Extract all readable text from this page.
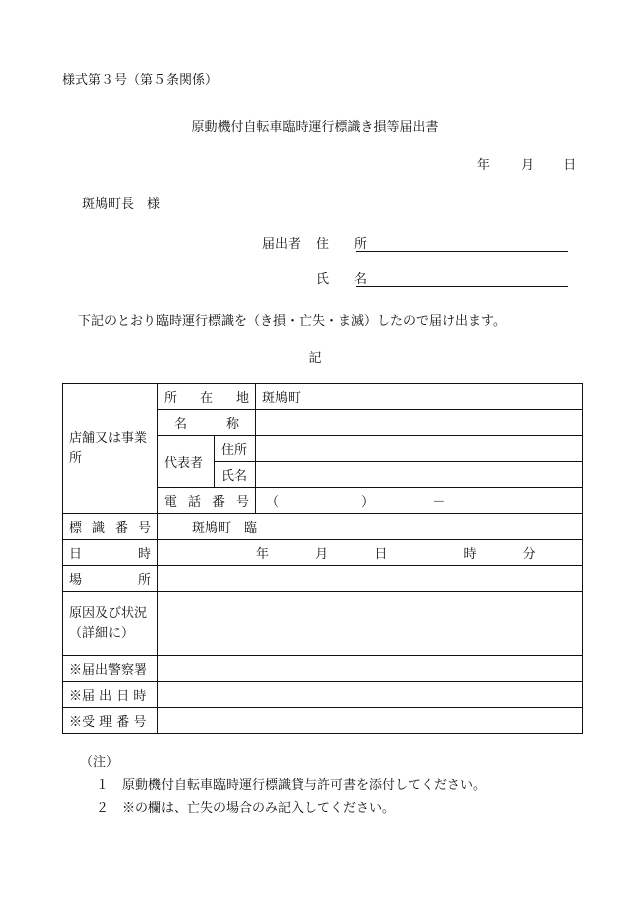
様式第３号（第５条関係）
原動機付自転車臨時運行標識き損等届出書
年 月 日
斑鳩町長　様
届出者 住　所
氏　名
下記のとおり臨時運行標識を（き損・亡失・ま滅）したので届け出ます。
記
店舗又は事業所	所 在 地		斑鳩町

	名 称		

	代表者	住所	
		氏名	

	電 話 番 号		（ ） －

標 識 番 号	斑鳩町　臨		

日 時	年 月 日 時 分		

場 所			

原因及び状況
（詳細に）			

※届出警察署			
※届 出 日 時			
※受 理 番 号			
（注）
１　原動機付自転車臨時運行標識貸与許可書を添付してください。
２　※の欄は、亡失の場合のみ記入してください。
